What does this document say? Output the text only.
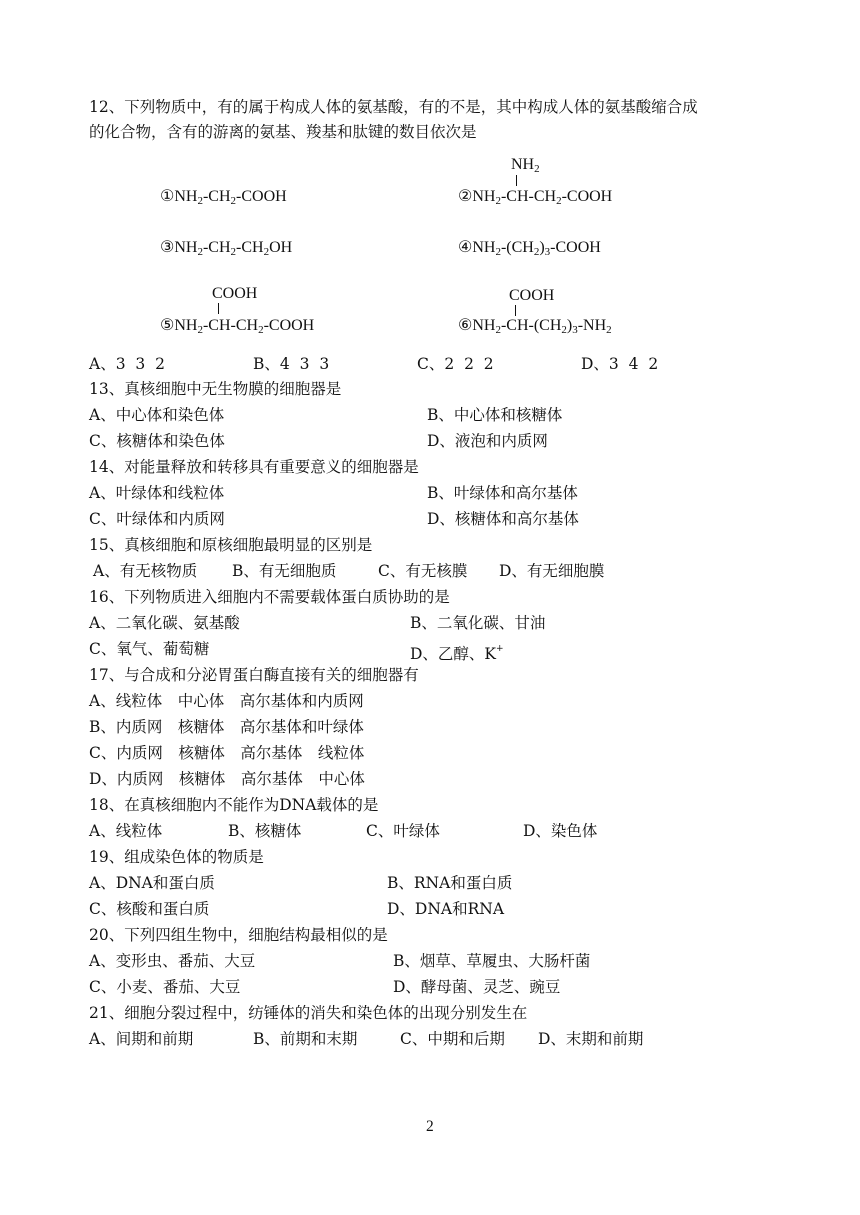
12、下列物质中，有的属于构成人体的氨基酸，有的不是，其中构成人体的氨基酸缩合成
的化合物，含有的游离的氨基、羧基和肽键的数目依次是
$①NH_2-CH_2$-COOH
$NH_2$
$②NH_2-CH-CH_2$-COOH
$③NH_2-CH_2-CH_2OH$	$④NH_2-(CH_2)_3$-COOH
COOH
$⑤NH_2-CH-CH_2$-COOH
COOH
$⑥NH_2-CH-(CH_2)_3-NH_2$
A、3  3  2	B、4  3  3	C、2  2  2	D、3  4  2
13、真核细胞中无生物膜的细胞器是
A、中心体和染色体	B、中心体和核糖体
C、核糖体和染色体	D、液泡和内质网
14、对能量释放和转移具有重要意义的细胞器是
A、叶绿体和线粒体	B、叶绿体和高尔基体
C、叶绿体和内质网	D、核糖体和高尔基体
15、真核细胞和原核细胞最明显的区别是
A、有无核物质 B、有无细胞质	C、有无核膜 D、有无细胞膜
16、下列物质进入细胞内不需要载体蛋白质协助的是
A、二氧化碳、氨基酸	B、二氧化碳、甘油
C、氧气、葡萄糖	D、乙醇、K+
17、与合成和分泌胃蛋白酶直接有关的细胞器有
A、线粒体　中心体　高尔基体和内质网
B、内质网　核糖体　高尔基体和叶绿体
C、内质网　核糖体　高尔基体　线粒体
D、内质网　核糖体　高尔基体　中心体
18、在真核细胞内不能作为DNA载体的是
A、线粒体	B、核糖体	C、叶绿体	D、染色体
19、组成染色体的物质是
A、DNA和蛋白质	B、RNA和蛋白质
C、核酸和蛋白质	D、DNA和RNA
20、下列四组生物中，细胞结构最相似的是
A、变形虫、番茄、大豆	B、烟草、草履虫、大肠杆菌
C、小麦、番茄、大豆	D、酵母菌、灵芝、豌豆
21、细胞分裂过程中，纺锤体的消失和染色体的出现分别发生在
A、间期和前期	B、前期和末期	C、中期和后期 D、末期和前期
2
